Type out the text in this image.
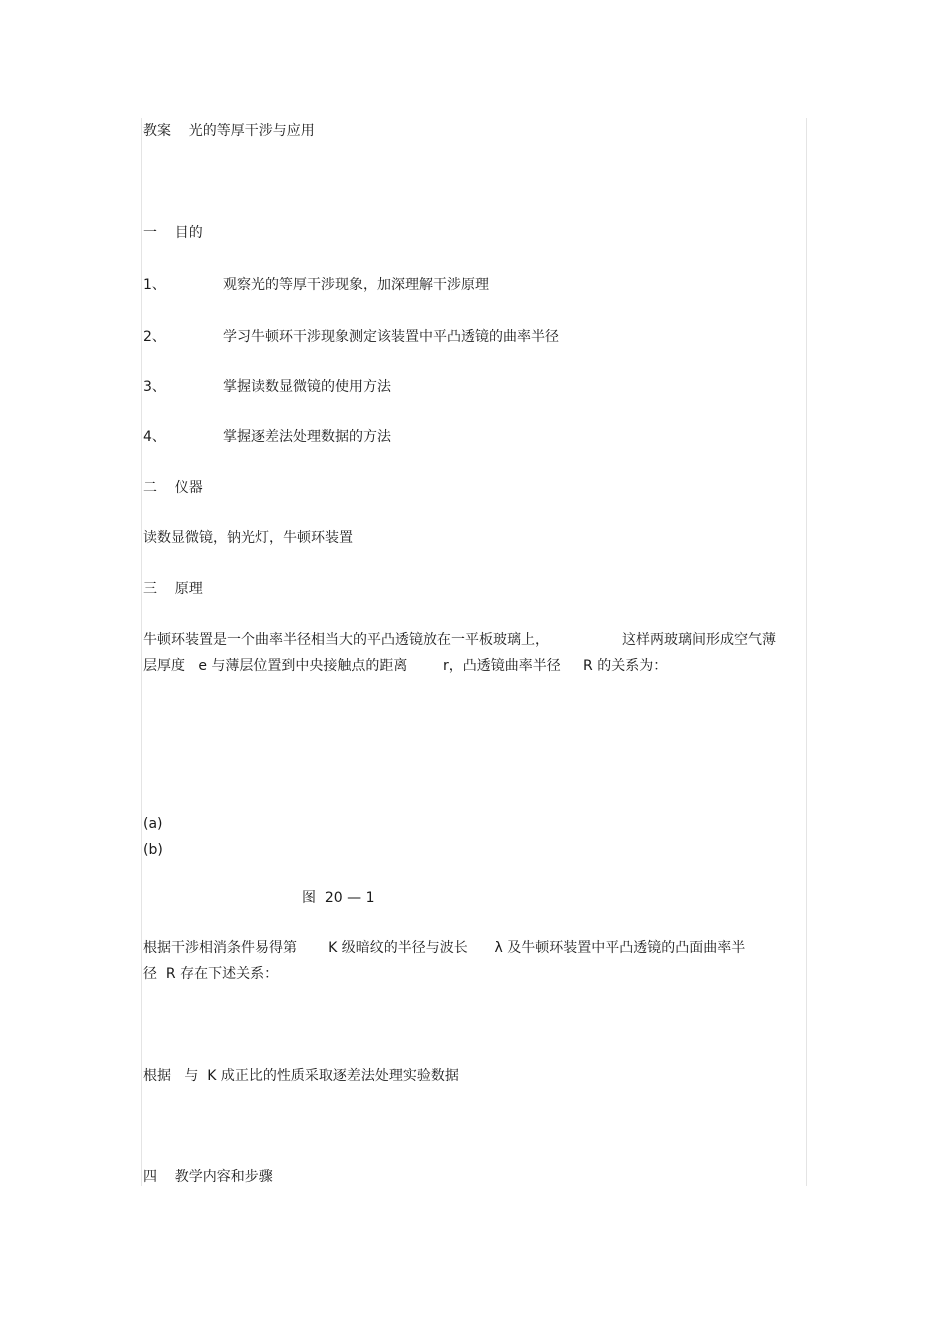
教案    光的等厚干涉与应用
一    目的
1、	观察光的等厚干涉现象，加深理解干涉原理
2、	学习牛顿环干涉现象测定该装置中平凸透镜的曲率半径
3、	掌握读数显微镜的使用方法
4、	掌握逐差法处理数据的方法
二    仪器
读数显微镜，钠光灯，牛顿环装置
三    原理
牛顿环装置是一个曲率半径相当大的平凸透镜放在一平板玻璃上，	这样两玻璃间形成空气薄
层厚度   e 与薄层位置到中央接触点的距离        r，凸透镜曲率半径     R 的关系为：
(a)
(b)
图  20 — 1
根据干涉相消条件易得第       K 级暗纹的半径与波长      λ 及牛顿环装置中平凸透镜的凸面曲率半
径  R 存在下述关系：
根据   与  K 成正比的性质采取逐差法处理实验数据
四    教学内容和步骤
